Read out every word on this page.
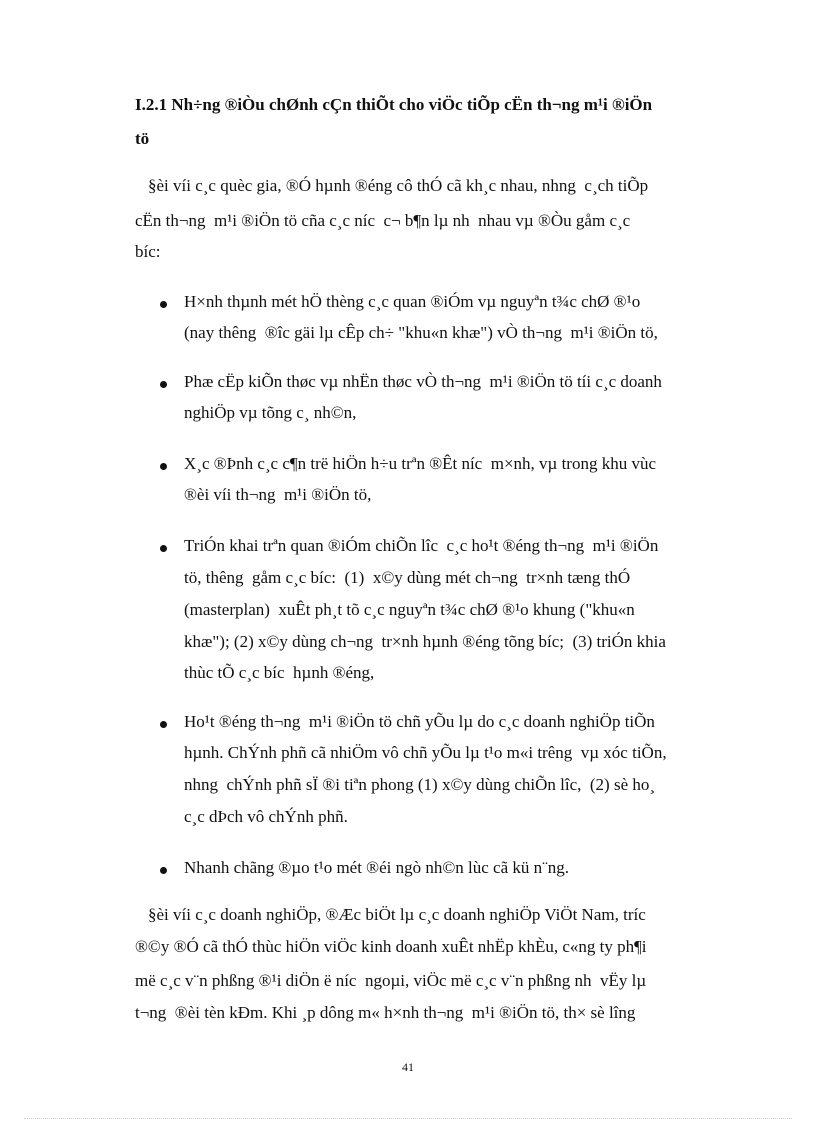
I.2.1 Nh÷ng ®iÒu chØnh cÇn thiÕt cho viÖc tiÕp cËn th¬ng m¹i ®iÖn
tö
§èi víi c¸c quèc gia, ®Ó hµnh ®éng cô thÓ cã kh¸c nhau, nhng  c¸ch tiÕp
cËn th¬ng  m¹i ®iÖn tö cña c¸c níc  c¬ b¶n lµ nh  nhau vµ ®Òu gåm c¸c
bíc:
H×nh thµnh mét hÖ thèng c¸c quan ®iÓm vµ nguyªn t¾c chØ ®¹o
(nay thêng  ®îc gäi lµ cÊp ch÷ "khu«n khæ") vÒ th¬ng  m¹i ®iÖn tö,
Phæ cËp kiÕn thøc vµ nhËn thøc vÒ th¬ng  m¹i ®iÖn tö tíi c¸c doanh
nghiÖp vµ tõng c¸ nh©n,
X¸c ®Þnh c¸c c¶n trë hiÖn h÷u trªn ®Êt níc  m×nh, vµ trong khu vùc
®èi víi th¬ng  m¹i ®iÖn tö,
TriÓn khai trªn quan ®iÓm chiÕn lîc  c¸c ho¹t ®éng th¬ng  m¹i ®iÖn
tö, thêng  gåm c¸c bíc:  (1)  x©y dùng mét ch¬ng  tr×nh tæng thÓ
(masterplan)  xuÊt ph¸t tõ c¸c nguyªn t¾c chØ ®¹o khung ("khu«n
khæ"); (2) x©y dùng ch¬ng  tr×nh hµnh ®éng tõng bíc;  (3) triÓn khia
thùc tÕ c¸c bíc  hµnh ®éng,
Ho¹t ®éng th¬ng  m¹i ®iÖn tö chñ yÕu lµ do c¸c doanh nghiÖp tiÕn
hµnh. ChÝnh phñ cã nhiÖm vô chñ yÕu lµ t¹o m«i trêng  vµ xóc tiÕn,
nhng  chÝnh phñ sÏ ®i tiªn phong (1) x©y dùng chiÕn lîc,  (2) sè ho¸
c¸c dÞch vô chÝnh phñ.
Nhanh chãng ®µo t¹o mét ®éi ngò nh©n lùc cã kü n¨ng.
§èi víi c¸c doanh nghiÖp, ®Æc biÖt lµ c¸c doanh nghiÖp ViÖt Nam, tríc
®©y ®Ó cã thÓ thùc hiÖn viÖc kinh doanh xuÊt nhËp khÈu, c«ng ty ph¶i
më c¸c v¨n phßng ®¹i diÖn ë níc  ngoµi, viÖc më c¸c v¨n phßng nh  vËy lµ
t¬ng  ®èi tèn kÐm. Khi ¸p dông m« h×nh th¬ng  m¹i ®iÖn tö, th× sè lîng
41
